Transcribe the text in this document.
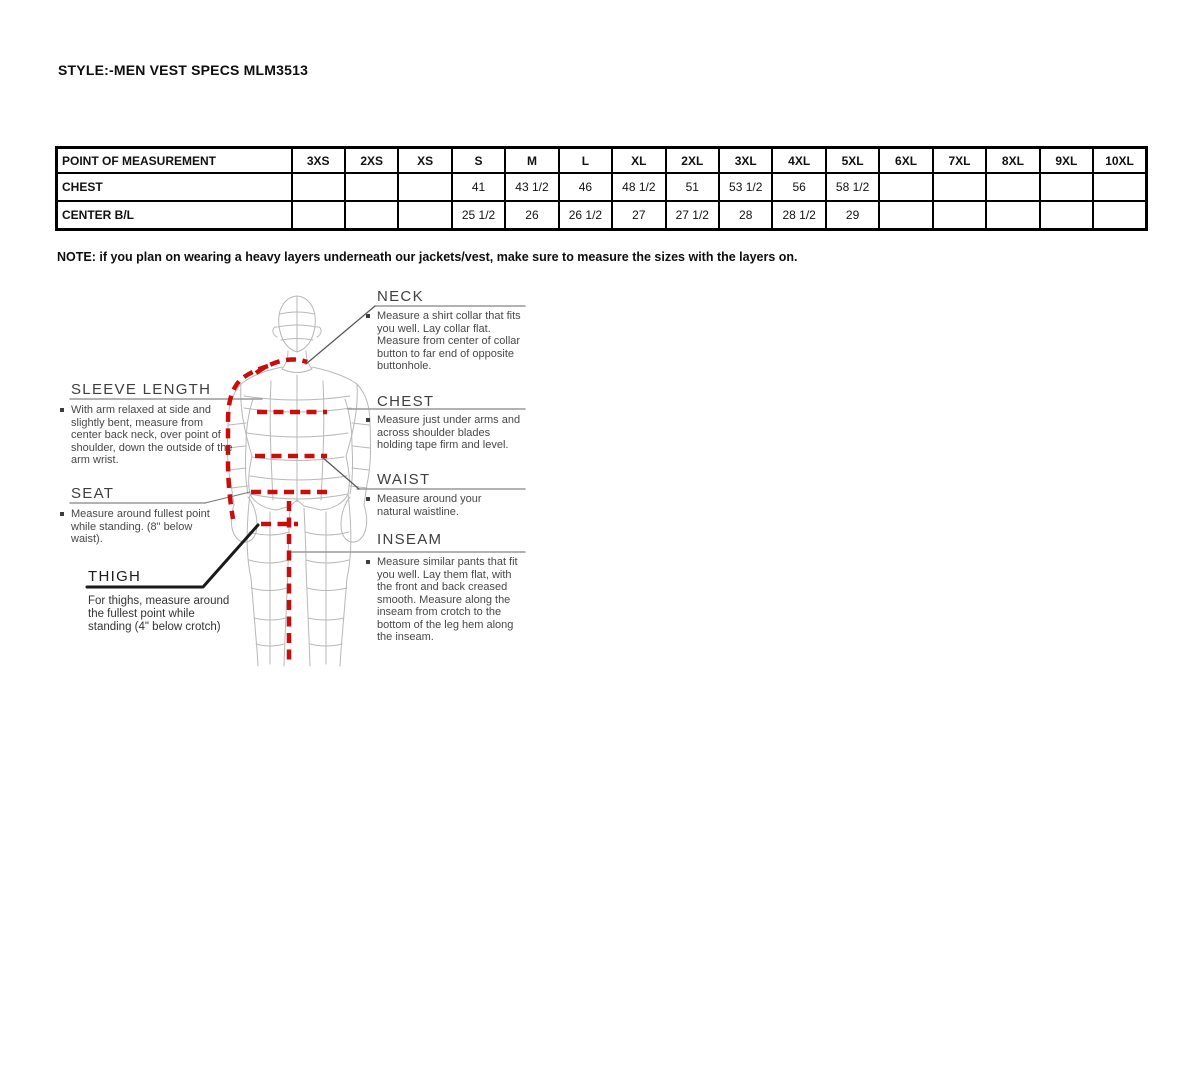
STYLE:-MEN VEST SPECS MLM3513
POINT OF MEASUREMENT	3XS	2XS	XS	S	M	L	XL	2XL	3XL	4XL	5XL	6XL	7XL	8XL	9XL	10XL
CHEST				41	43 1/2	46	48 1/2	51	53 1/2	56	58 1/2					
CENTER B/L				25 1/2	26	26 1/2	27	27 1/2	28	28 1/2	29					
NOTE: if you plan on wearing a heavy layers underneath our jackets/vest, make sure to measure the sizes with the layers on.
NECK
Measure a shirt collar that fits you well. Lay collar flat. Measure from center of collar button to far end of opposite buttonhole.
CHEST
Measure just under arms and across shoulder blades holding tape firm and level.
WAIST
Measure around your natural waistline.
INSEAM
Measure similar pants that fit you well. Lay them flat, with the front and back creased smooth. Measure along the inseam from crotch to the bottom of the leg hem along the inseam.
SLEEVE LENGTH
With arm relaxed at side and slightly bent, measure from center back neck, over point of shoulder, down the outside of the arm wrist.
SEAT
Measure around fullest point while standing. (8" below waist).
THIGH
For thighs, measure around the fullest point while standing (4" below crotch)
